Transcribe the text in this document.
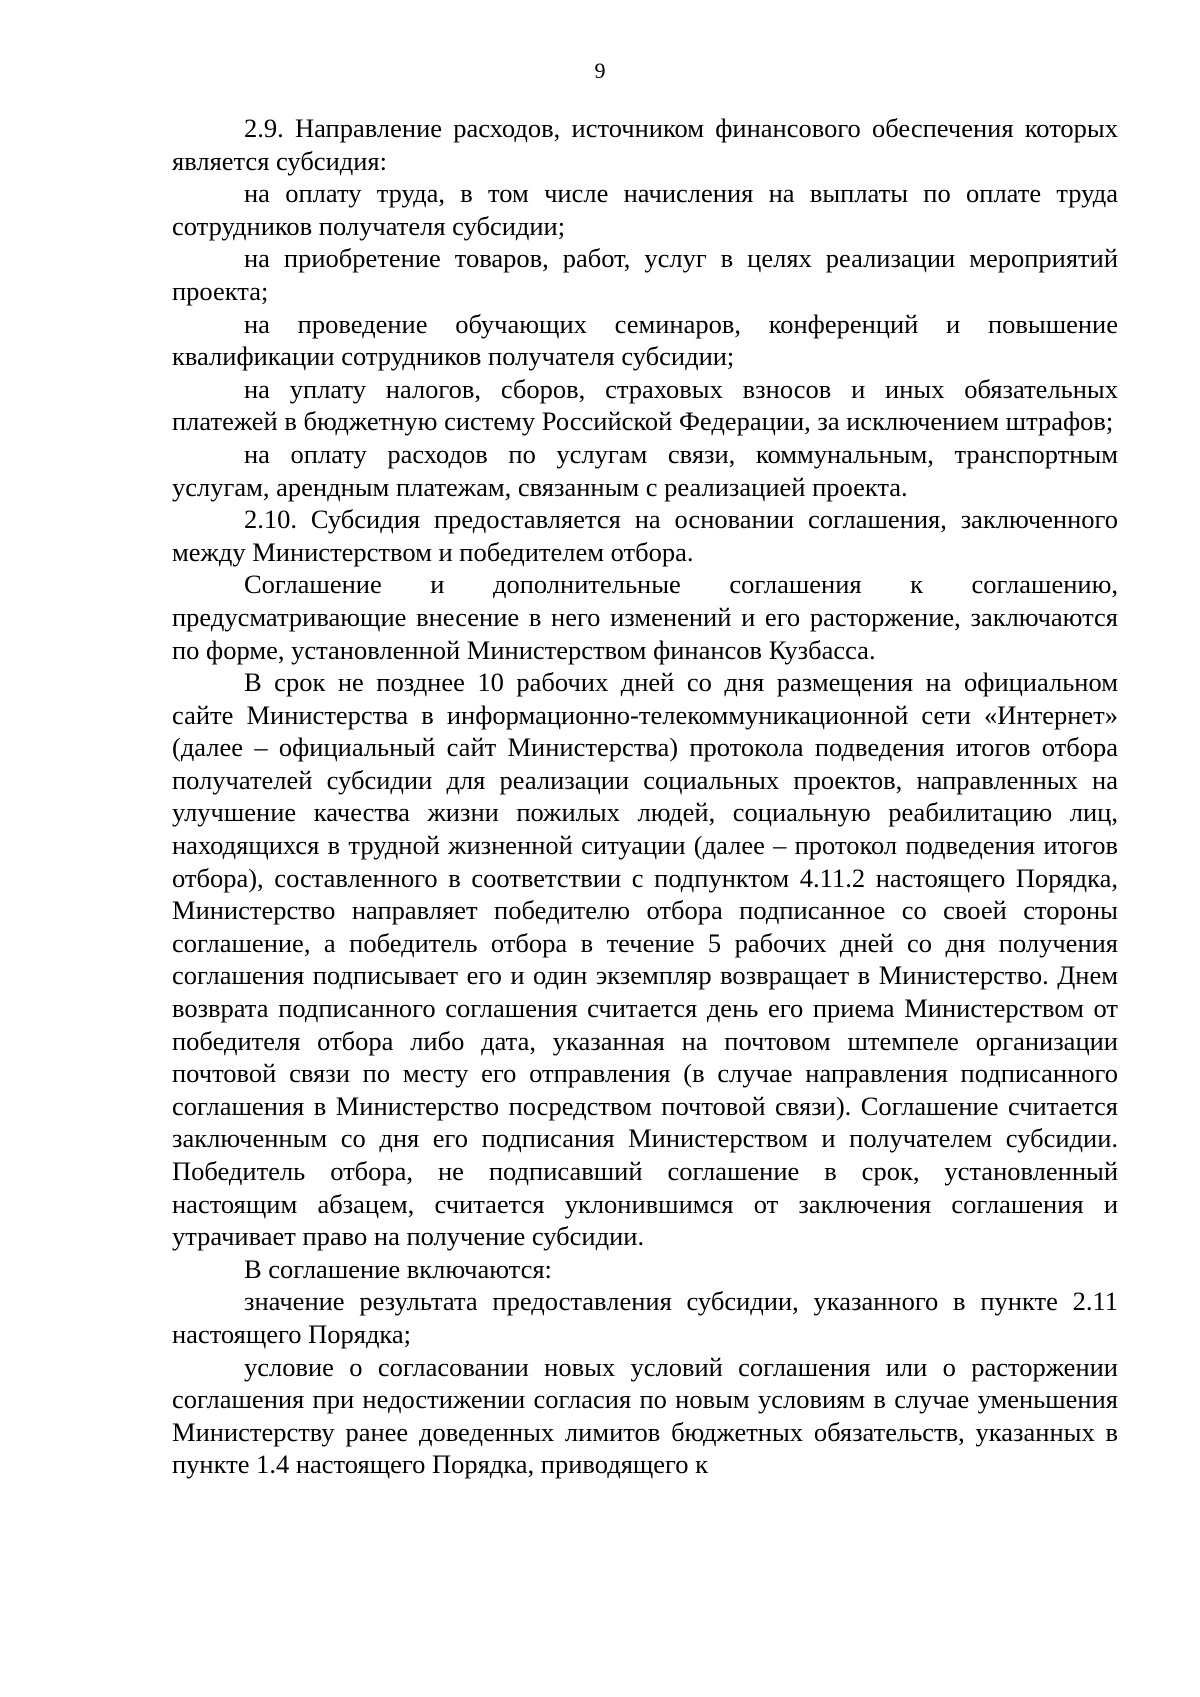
9

2.9. Направление расходов, источником финансового обеспечения которых является субсидия:

на оплату труда, в том числе начисления на выплаты по оплате труда сотрудников получателя субсидии;

на приобретение товаров, работ, услуг в целях реализации мероприятий проекта;

на проведение обучающих семинаров, конференций и повышение квалификации сотрудников получателя субсидии;

на уплату налогов, сборов, страховых взносов и иных обязательных платежей в бюджетную систему Российской Федерации, за исключением штрафов;

на оплату расходов по услугам связи, коммунальным, транспортным услугам, арендным платежам, связанным с реализацией проекта.

2.10. Субсидия предоставляется на основании соглашения, заключенного между Министерством и победителем отбора.

Соглашение и дополнительные соглашения к соглашению, предусматривающие внесение в него изменений и его расторжение, заключаются по форме, установленной Министерством финансов Кузбасса.

В срок не позднее 10 рабочих дней со дня размещения на официальном сайте Министерства в информационно-телекоммуникационной сети «Интернет» (далее – официальный сайт Министерства) протокола подведения итогов отбора получателей субсидии для реализации социальных проектов, направленных на улучшение качества жизни пожилых людей, социальную реабилитацию лиц, находящихся в трудной жизненной ситуации (далее – протокол подведения итогов отбора), составленного в соответствии с подпунктом 4.11.2 настоящего Порядка, Министерство направляет победителю отбора подписанное со своей стороны соглашение, а победитель отбора в течение 5 рабочих дней со дня получения соглашения подписывает его и один экземпляр возвращает в Министерство. Днем возврата подписанного соглашения считается день его приема Министерством от победителя отбора либо дата, указанная на почтовом штемпеле организации почтовой связи по месту его отправления (в случае направления подписанного соглашения в Министерство посредством почтовой связи). Соглашение считается заключенным со дня его подписания Министерством и получателем субсидии. Победитель отбора, не подписавший соглашение в срок, установленный настоящим абзацем, считается уклонившимся от заключения соглашения и утрачивает право на получение субсидии.

В соглашение включаются:

значение результата предоставления субсидии, указанного в пункте 2.11 настоящего Порядка;

условие о согласовании новых условий соглашения или о расторжении соглашения при недостижении согласия по новым условиям в случае уменьшения Министерству ранее доведенных лимитов бюджетных обязательств, указанных в пункте 1.4 настоящего Порядка, приводящего к
